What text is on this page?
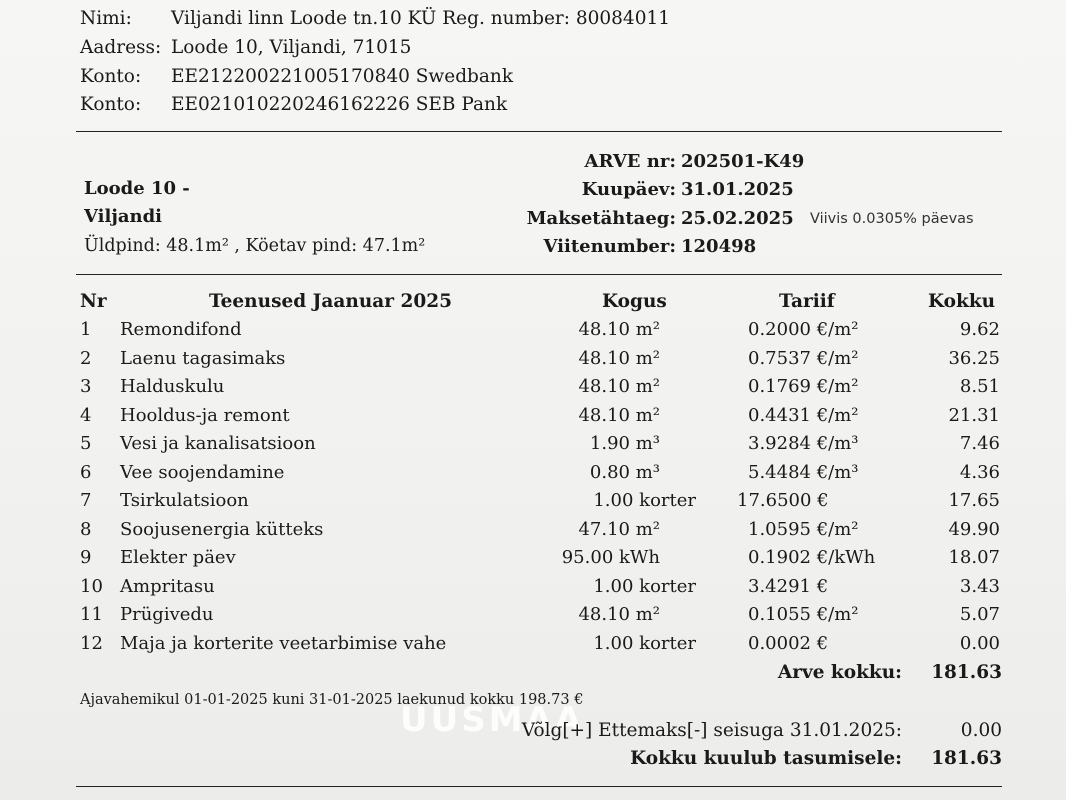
Nimi: Viljandi linn Loode tn.10 KÜ Reg. number: 80084011
Aadress: Loode 10, Viljandi, 71015
Konto: EE212200221005170840 Swedbank
Konto: EE021010220246162226 SEB Pank
Loode 10 -
Viljandi
Üldpind: 48.1m² , Köetav pind: 47.1m²
ARVE nr: 202501-K49
Kuupäev: 31.01.2025
Maksetähtaeg: 25.02.2025 Viivis 0.0305% päevas
Viitenumber: 120498
Nr	Teenused Jaanuar 2025	Kogus	Tariif	Kokku
1 Remondifond	48.10 m²	0.2000 €/m²	9.62
2 Laenu tagasimaks	48.10 m²	0.7537 €/m²	36.25
3 Halduskulu	48.10 m²	0.1769 €/m²	8.51
4 Hooldus-ja remont	48.10 m²	0.4431 €/m²	21.31
5 Vesi ja kanalisatsioon	1.90 m³	3.9284 €/m³	7.46
6 Vee soojendamine	0.80 m³	5.4484 €/m³	4.36
7 Tsirkulatsioon	1.00 korter 17.6500 €	17.65
8 Soojusenergia kütteks	47.10 m²	1.0595 €/m²	49.90
9 Elekter päev	95.00 kWh	0.1902 €/kWh	18.07
10 Ampritasu	1.00 korter	3.4291 €	3.43
11 Prügivedu	48.10 m²	0.1055 €/m²	5.07
12 Maja ja korterite veetarbimise vahe	1.00 korter	0.0002 €	0.00
Arve kokku: 181.63
Ajavahemikul 01-01-2025 kuni 31-01-2025 laekunud kokku 198.73 €
UUSMAA
Võlg[+] Ettemaks[-] seisuga 31.01.2025:	0.00
Kokku kuulub tasumisele: 181.63
